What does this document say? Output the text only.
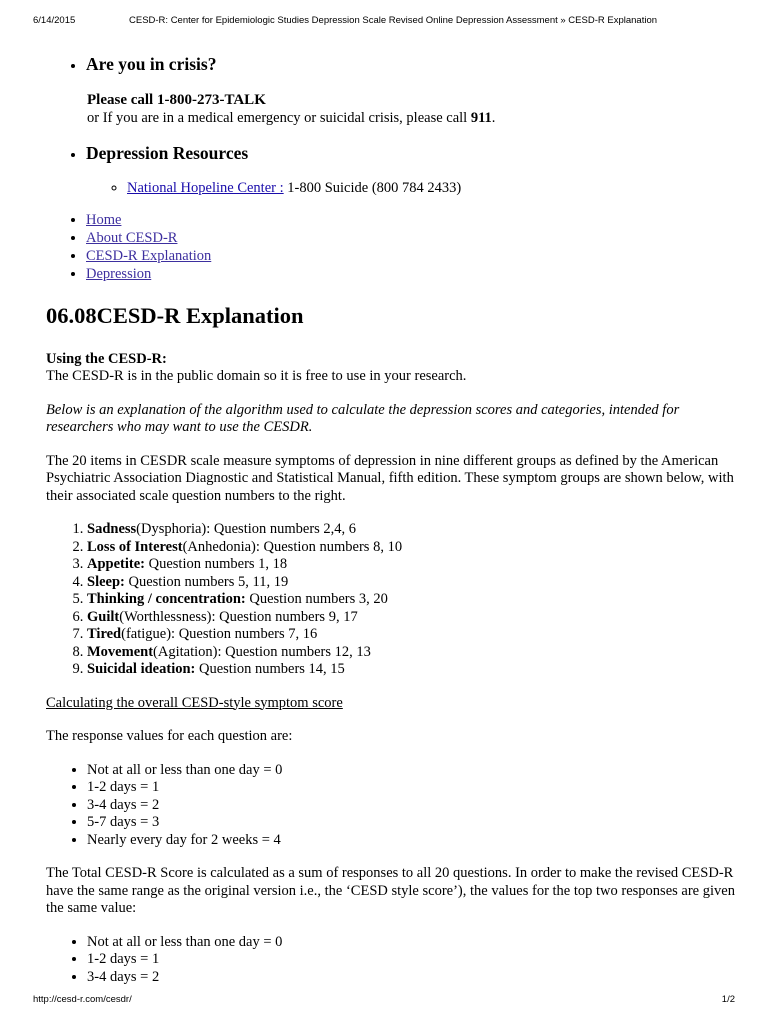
6/14/2015	CESD-R: Center for Epidemiologic Studies Depression Scale Revised Online Depression Assessment » CESD-R Explanation
• Are you in crisis?
Please call 1-800-273-TALK
or If you are in a medical emergency or suicidal crisis, please call 911.
• Depression Resources
◦ National Hopeline Center : 1-800 Suicide (800 784 2433)
• Home
• About CESD-R
• CESD-R Explanation
• Depression
06.08CESD-R Explanation
Using the CESD-R:

The CESD-R is in the public domain so it is free to use in your research.

Below is an explanation of the algorithm used to calculate the depression scores and categories, intended for researchers who may want to use the CESDR.

The 20 items in CESDR scale measure symptoms of depression in nine different groups as defined by the American Psychiatric Association Diagnostic and Statistical Manual, fifth edition. These symptom groups are shown below, with their associated scale question numbers to the right.

1. Sadness(Dysphoria): Question numbers 2,4, 6
2. Loss of Interest(Anhedonia): Question numbers 8, 10
3. Appetite: Question numbers 1, 18
4. Sleep: Question numbers 5, 11, 19
5. Thinking / concentration: Question numbers 3, 20
6. Guilt(Worthlessness): Question numbers 9, 17
7. Tired(fatigue): Question numbers 7, 16
8. Movement(Agitation): Question numbers 12, 13
9. Suicidal ideation: Question numbers 14, 15

Calculating the overall CESD-style symptom score

The response values for each question are:

• Not at all or less than one day = 0
• 1-2 days = 1
• 3-4 days = 2
• 5-7 days = 3
• Nearly every day for 2 weeks = 4

The Total CESD-R Score is calculated as a sum of responses to all 20 questions. In order to make the revised CESD-R have the same range as the original version i.e., the ‘CESD style score’), the values for the top two responses are given the same value:

• Not at all or less than one day = 0
• 1-2 days = 1
• 3-4 days = 2
http://cesd-r.com/cesdr/	1/2
